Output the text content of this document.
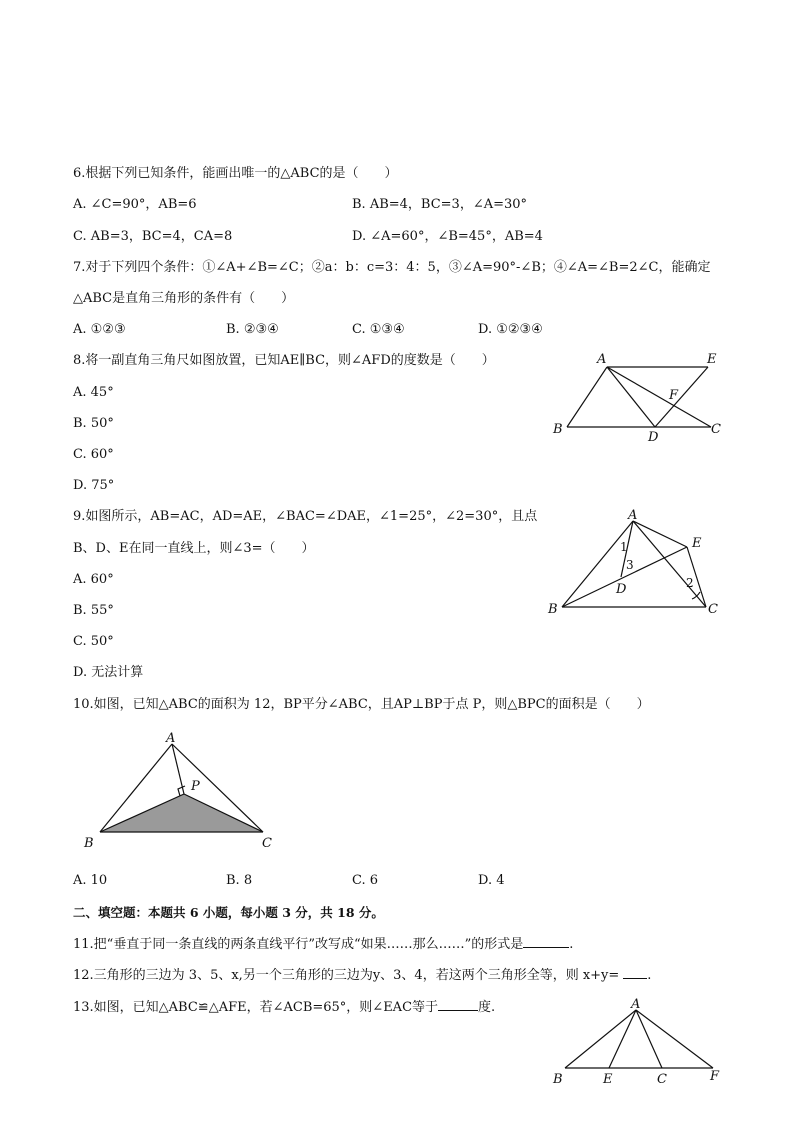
6.根据下列已知条件，能画出唯一的△ABC的是（　　）
A. ∠C=90°，AB=6	B. AB=4，BC=3，∠A=30°
C. AB=3，BC=4，CA=8	D. ∠A=60°，∠B=45°，AB=4
7.对于下列四个条件：①∠A+∠B=∠C；②a：b：c=3：4：5，③∠A=90°-∠B；④∠A=∠B=2∠C，能确定
△ABC是直角三角形的条件有（　　）
A. ①②③	B. ②③④	C. ①③④	D. ①②③④
8.将一副直角三角尺如图放置，已知AE∥BC，则∠AFD的度数是（　　）
A. 45°
B. 50°
C. 60°
D. 75°
A	E
F
B
D
C
9.如图所示，AB=AC，AD=AE，∠BAC=∠DAE，∠1=25°，∠2=30°，且点
B、D、E在同一直线上，则∠3=（　　）
A. 60°
B. 55°
C. 50°
D. 无法计算
A
E
B	C
D
1
2
3
10.如图，已知△ABC的面积为 12，BP平分∠ABC，且AP⊥BP于点 P，则△BPC的面积是（　　）
A
P
B	C
A. 10	B. 8	C. 6	D. 4
二、填空题：本题共 6 小题，每小题 3 分，共 18 分。
11.把“垂直于同一条直线的两条直线平行”改写成“如果……那么……”的形式是	.
12.三角形的三边为 3、5、x,另一个三角形的三边为y、3、4，若这两个三角形全等，则 x+y= .
13.如图，已知△ABC≌△AFE，若∠ACB=65°，则∠EAC等于	度.	A
B	E	C	F
